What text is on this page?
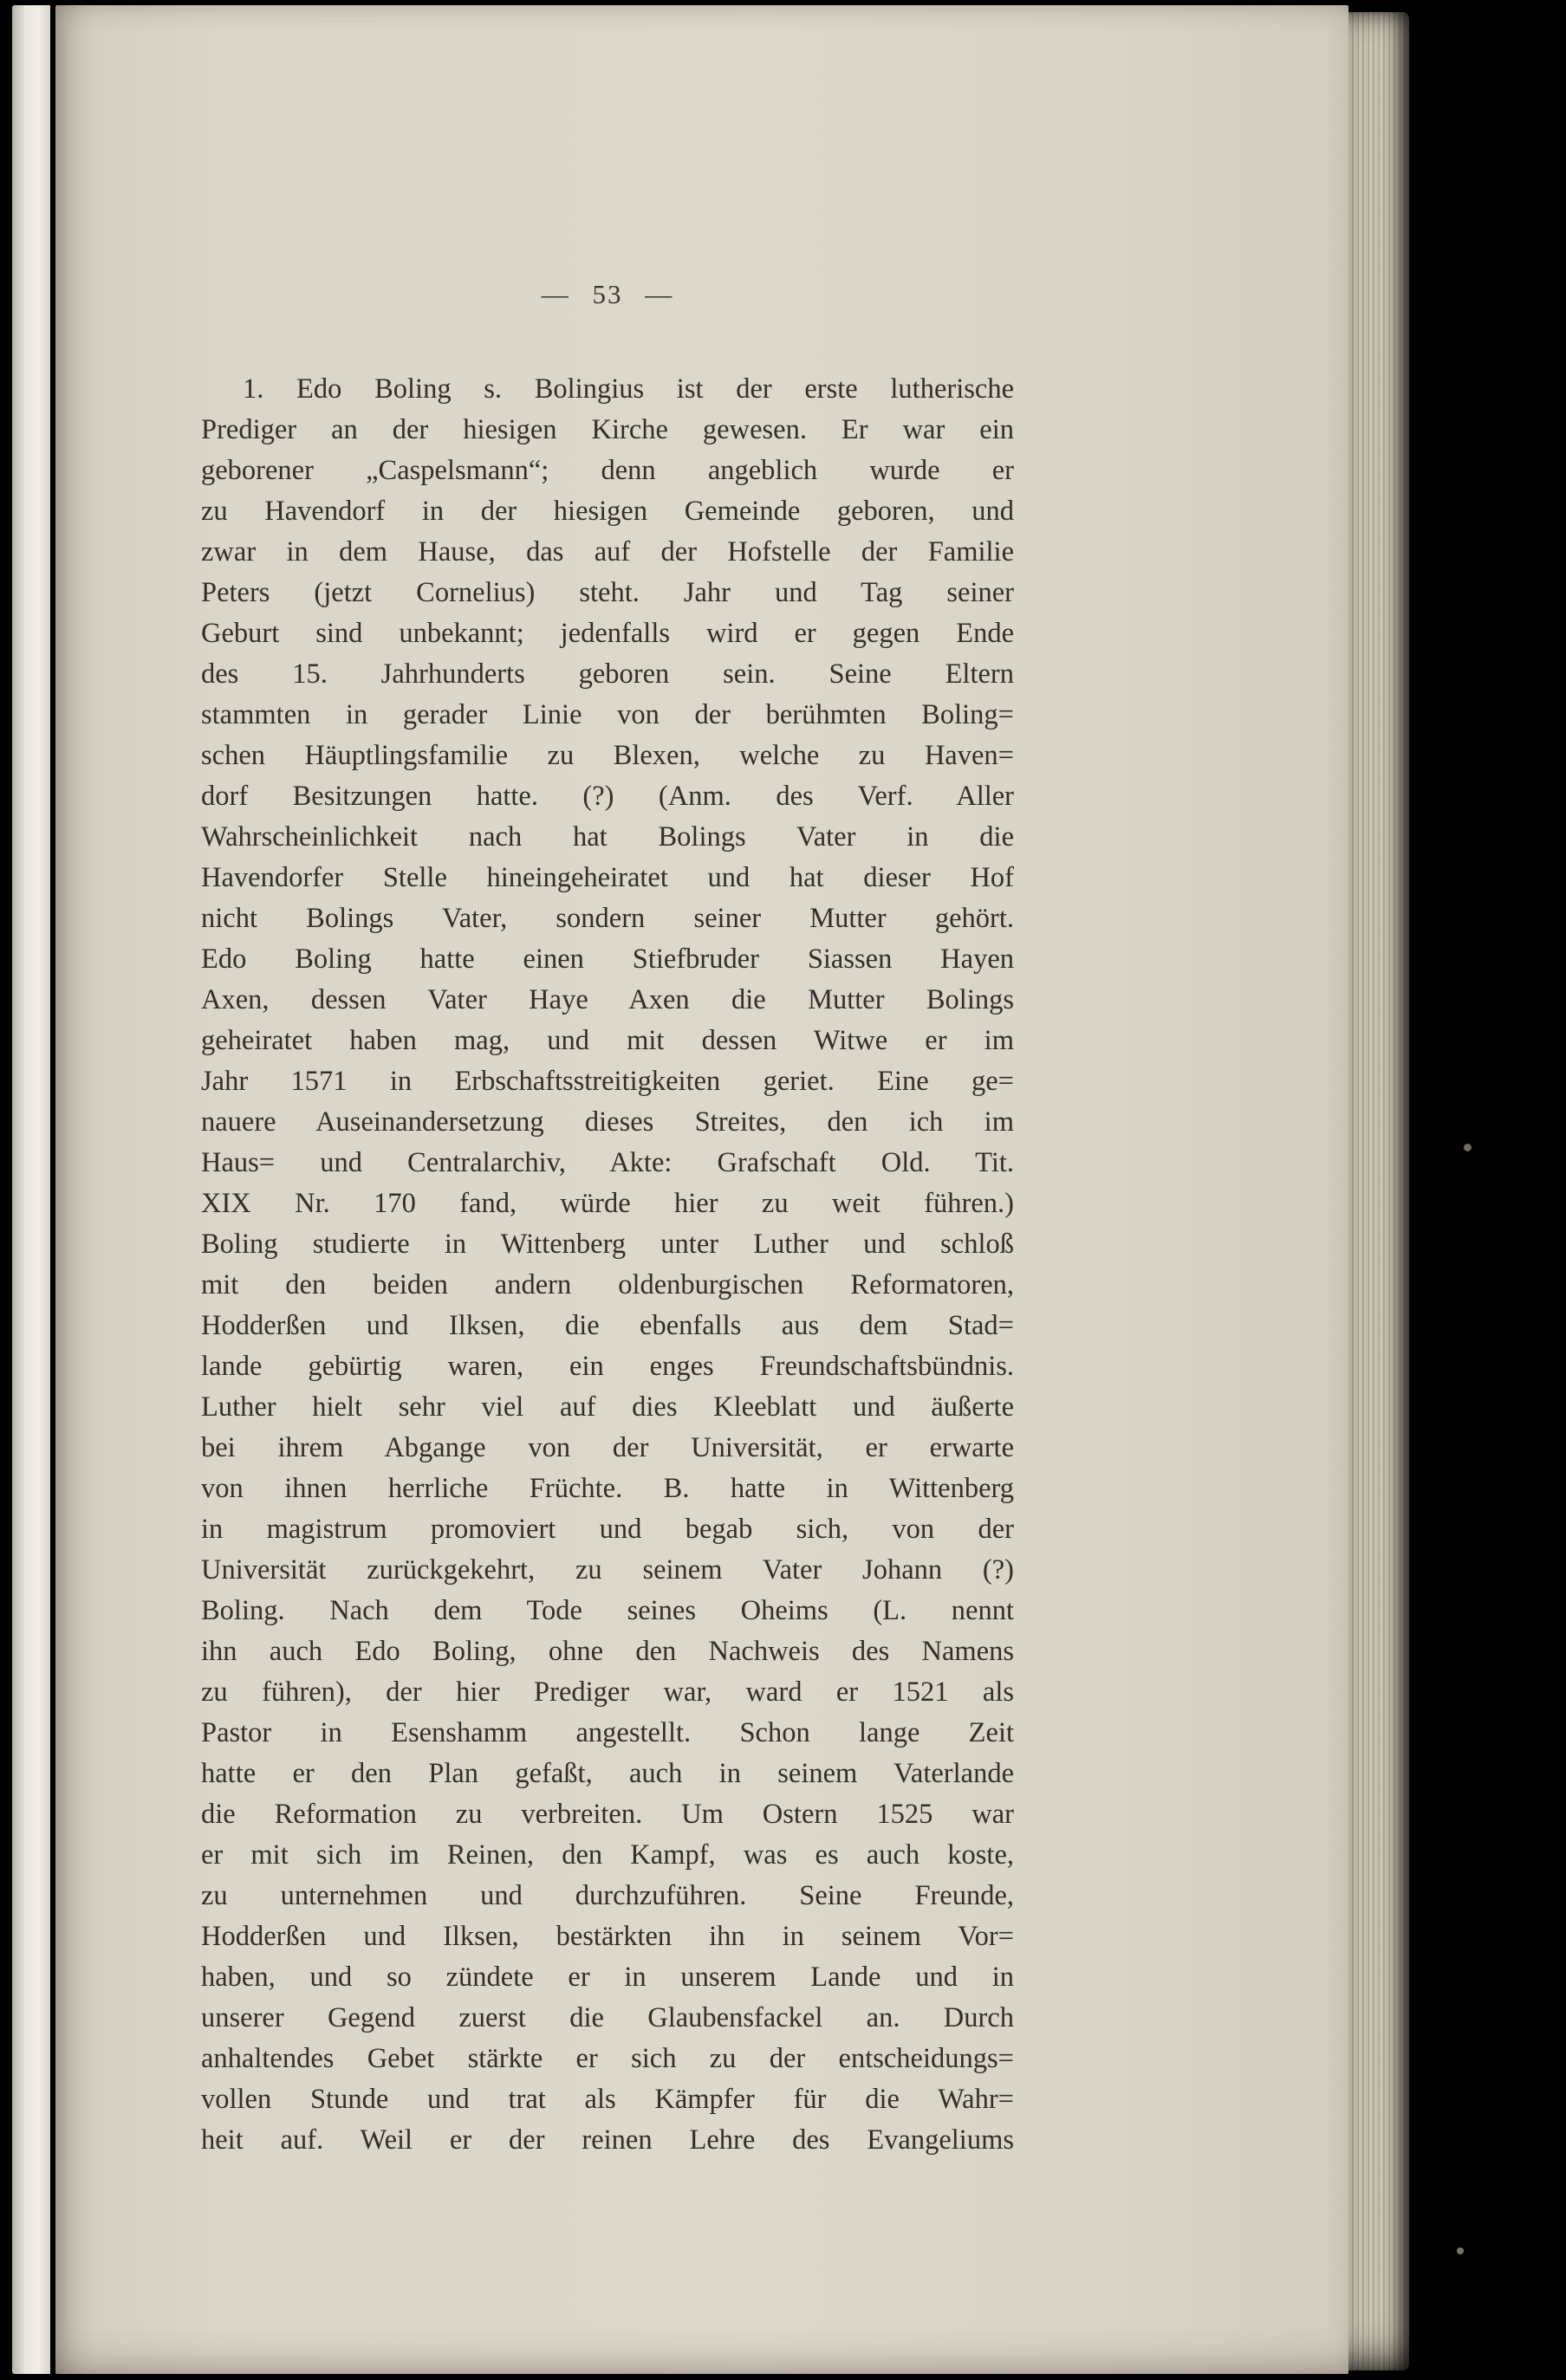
— 53 —
1. Edo Boling s. Bolingius ist der erste lutherische
Prediger an der hiesigen Kirche gewesen. Er war ein
geborener „Caspelsmann“; denn angeblich wurde er
zu Havendorf in der hiesigen Gemeinde geboren, und
zwar in dem Hause, das auf der Hofstelle der Familie
Peters (jetzt Cornelius) steht. Jahr und Tag seiner
Geburt sind unbekannt; jedenfalls wird er gegen Ende
des 15. Jahrhunderts geboren sein. Seine Eltern
stammten in gerader Linie von der berühmten Boling=
schen Häuptlingsfamilie zu Blexen, welche zu Haven=
dorf Besitzungen hatte. (?) (Anm. des Verf. Aller
Wahrscheinlichkeit nach hat Bolings Vater in die
Havendorfer Stelle hineingeheiratet und hat dieser Hof
nicht Bolings Vater, sondern seiner Mutter gehört.
Edo Boling hatte einen Stiefbruder Siassen Hayen
Axen, dessen Vater Haye Axen die Mutter Bolings
geheiratet haben mag, und mit dessen Witwe er im
Jahr 1571 in Erbschaftsstreitigkeiten geriet. Eine ge=
nauere Auseinandersetzung dieses Streites, den ich im
Haus= und Centralarchiv, Akte: Grafschaft Old. Tit.
XIX Nr. 170 fand, würde hier zu weit führen.)
Boling studierte in Wittenberg unter Luther und schloß
mit den beiden andern oldenburgischen Reformatoren,
Hodderßen und Ilksen, die ebenfalls aus dem Stad=
lande gebürtig waren, ein enges Freundschaftsbündnis.
Luther hielt sehr viel auf dies Kleeblatt und äußerte
bei ihrem Abgange von der Universität, er erwarte
von ihnen herrliche Früchte. B. hatte in Wittenberg
in magistrum promoviert und begab sich, von der
Universität zurückgekehrt, zu seinem Vater Johann (?)
Boling. Nach dem Tode seines Oheims (L. nennt
ihn auch Edo Boling, ohne den Nachweis des Namens
zu führen), der hier Prediger war, ward er 1521 als
Pastor in Esenshamm angestellt. Schon lange Zeit
hatte er den Plan gefaßt, auch in seinem Vaterlande
die Reformation zu verbreiten. Um Ostern 1525 war
er mit sich im Reinen, den Kampf, was es auch koste,
zu unternehmen und durchzuführen. Seine Freunde,
Hodderßen und Ilksen, bestärkten ihn in seinem Vor=
haben, und so zündete er in unserem Lande und in
unserer Gegend zuerst die Glaubensfackel an. Durch
anhaltendes Gebet stärkte er sich zu der entscheidungs=
vollen Stunde und trat als Kämpfer für die Wahr=
heit auf. Weil er der reinen Lehre des Evangeliums
